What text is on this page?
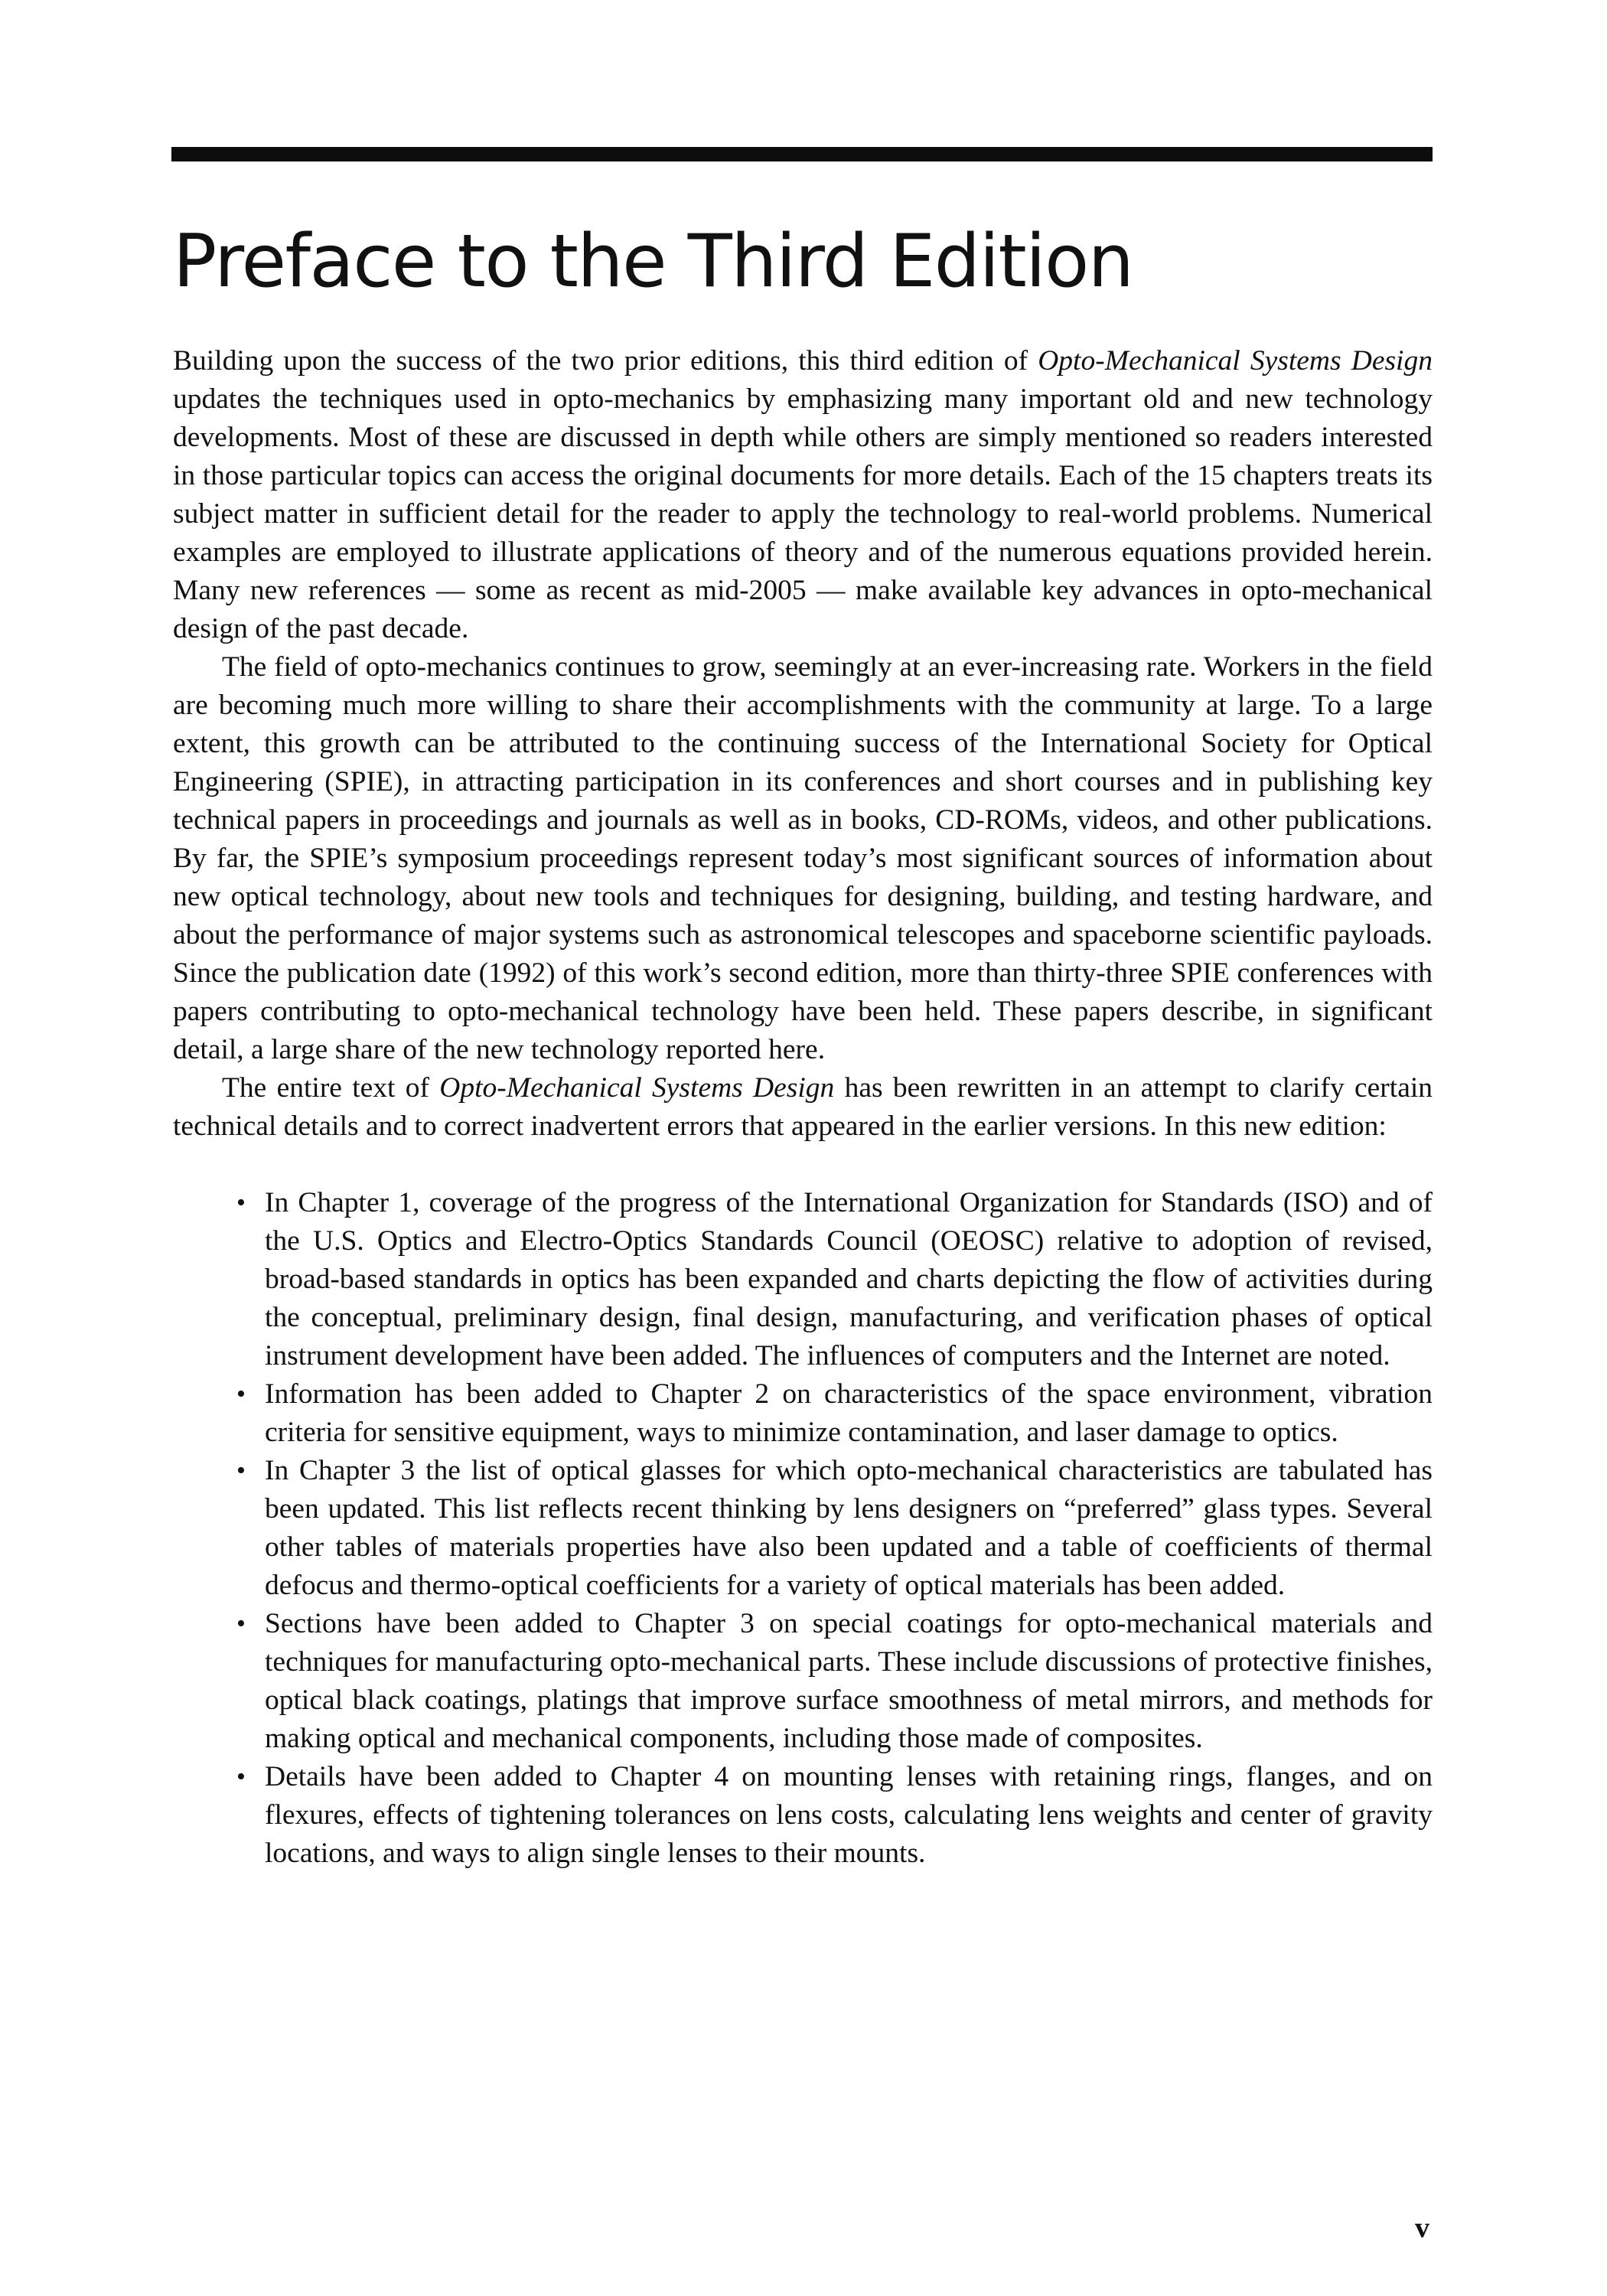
Preface to the Third Edition

Building upon the success of the two prior editions, this third edition of Opto-Mechanical Systems Design updates the techniques used in opto-mechanics by emphasizing many important old and new technology developments. Most of these are discussed in depth while others are simply mentioned so readers interested in those particular topics can access the original documents for more details. Each of the 15 chapters treats its subject matter in sufficient detail for the reader to apply the technology to real-world problems. Numerical examples are employed to illustrate applications of theory and of the numerous equations provided herein. Many new references — some as recent as mid-2005 — make available key advances in opto-mechanical design of the past decade.

The field of opto-mechanics continues to grow, seemingly at an ever-increasing rate. Workers in the field are becoming much more willing to share their accomplishments with the community at large. To a large extent, this growth can be attributed to the continuing success of the International Society for Optical Engineering (SPIE), in attracting participation in its conferences and short courses and in publishing key technical papers in proceedings and journals as well as in books, CD-ROMs, videos, and other publications. By far, the SPIE’s symposium proceedings represent today’s most significant sources of information about new optical technology, about new tools and techniques for designing, building, and testing hardware, and about the performance of major systems such as astronomical telescopes and spaceborne scientific payloads. Since the publication date (1992) of this work’s second edition, more than thirty-three SPIE conferences with papers contributing to opto-mechanical technology have been held. These papers describe, in significant detail, a large share of the new technology reported here.

The entire text of Opto-Mechanical Systems Design has been rewritten in an attempt to clarify certain technical details and to correct inadvertent errors that appeared in the earlier versions. In this new edition:

• In Chapter 1, coverage of the progress of the International Organization for Standards (ISO) and of the U.S. Optics and Electro-Optics Standards Council (OEOSC) relative to adoption of revised, broad-based standards in optics has been expanded and charts depicting the flow of activities during the conceptual, preliminary design, final design, manufacturing, and verification phases of optical instrument development have been added. The influences of computers and the Internet are noted.
• Information has been added to Chapter 2 on characteristics of the space environment, vibration criteria for sensitive equipment, ways to minimize contamination, and laser damage to optics.
• In Chapter 3 the list of optical glasses for which opto-mechanical characteristics are tabulated has been updated. This list reflects recent thinking by lens designers on “preferred” glass types. Several other tables of materials properties have also been updated and a table of coefficients of thermal defocus and thermo-optical coefficients for a variety of optical materials has been added.
• Sections have been added to Chapter 3 on special coatings for opto-mechanical materials and techniques for manufacturing opto-mechanical parts. These include discussions of protective finishes, optical black coatings, platings that improve surface smoothness of metal mirrors, and methods for making optical and mechanical components, including those made of composites.
• Details have been added to Chapter 4 on mounting lenses with retaining rings, flanges, and on flexures, effects of tightening tolerances on lens costs, calculating lens weights and center of gravity locations, and ways to align single lenses to their mounts.
v
